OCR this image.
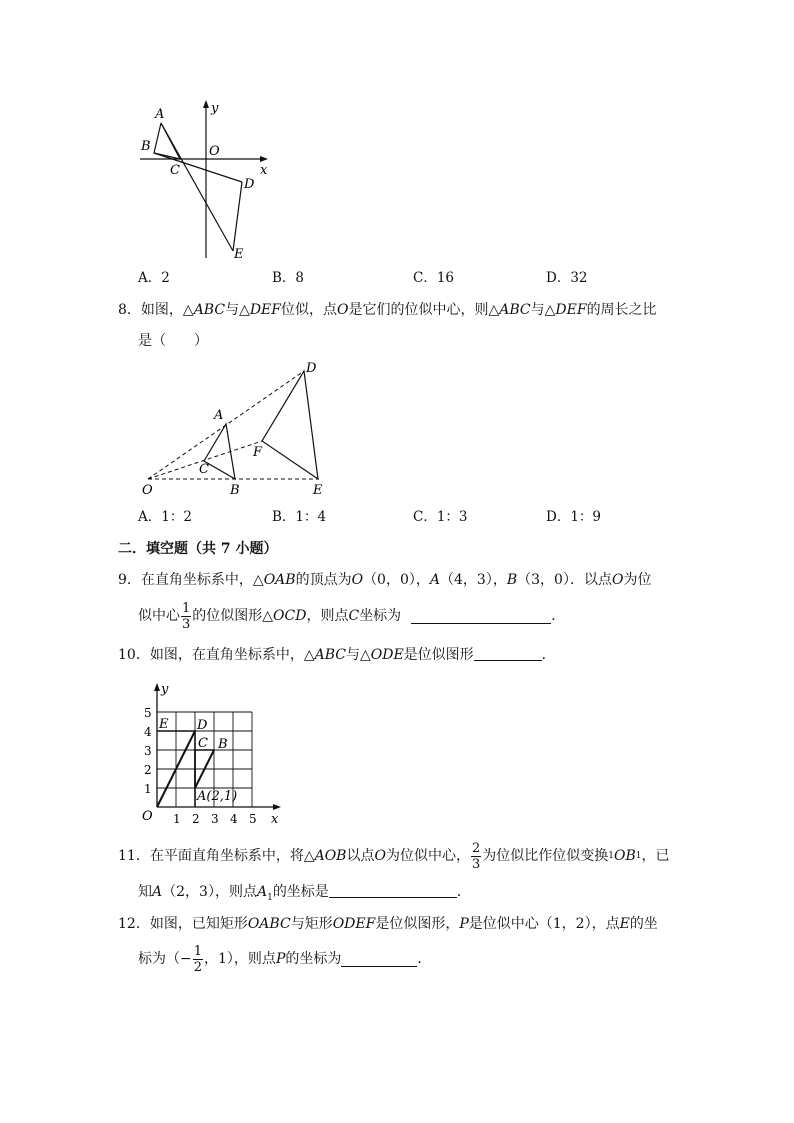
A
B
C
O
D
E
x
y
A．2	B．8	C．16	D．32
8．如图，△ABC与△DEF位似，点O是它们的位似中心，则△ABC与△DEF的周长之比
是（　　）
D
A
F
C
O	B	E
A．1：2	B．1：4	C．1：3	D．1：9
二．填空题（共 7 小题）
9．在直角坐标系中，△OAB的顶点为O（0，0），A（4，3），B（3，0）．以点O为位
似中心 $\frac{1}{3}$ 的位似图形 △OCD ，则点 C 坐标为	．
10．如图，在直角坐标系中，△ABC与△ODE是位似图形	．
1
2
3
4
5
1 2 3 4 5
O	x
y
E D
C B
A(2,1)
11．在平面直角坐标系中，将 △AOB 以点 O 为位似中心， $\frac{2}{3}$ 为位似比作位似变换 1 OB 1 ，已
知A（2，3），则点$A_1$的坐标是	．
12．如图，已知矩形OABC与矩形ODEF是位似图形，P是位似中心（1，2），点E的坐
标为（ − $\frac{1}{2}$ ，1），则点 P 的坐标为	．
